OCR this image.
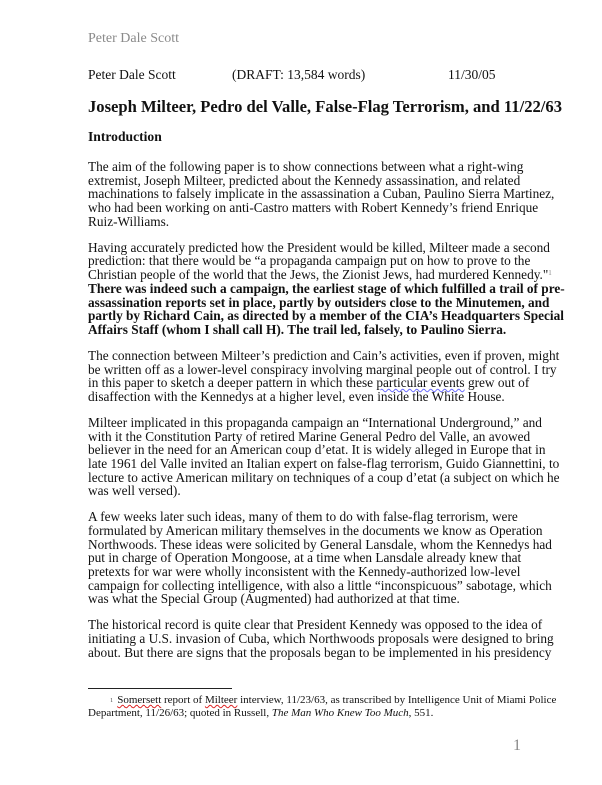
Peter Dale Scott
Peter Dale Scott	(DRAFT: 13,584 words)	11/30/05
Joseph Milteer, Pedro del Valle, False-Flag Terrorism, and 11/22/63
Introduction

The aim of the following paper is to show connections between what a right-wing
extremist, Joseph Milteer, predicted about the Kennedy assassination, and related
machinations to falsely implicate in the assassination a Cuban, Paulino Sierra Martinez,
who had been working on anti-Castro matters with Robert Kennedy’s friend Enrique
Ruiz-Williams.

Having accurately predicted how the President would be killed, Milteer made a second
prediction: that there would be “a propaganda campaign put on how to prove to the
Christian people of the world that the Jews, the Zionist Jews, had murdered Kennedy."$^1$
There was indeed such a campaign, the earliest stage of which fulfilled a trail of pre-
assassination reports set in place, partly by outsiders close to the Minutemen, and
partly by Richard Cain, as directed by a member of the CIA’s Headquarters Special
Affairs Staff (whom I shall call H). The trail led, falsely, to Paulino Sierra.

The connection between Milteer’s prediction and Cain’s activities, even if proven, might
be written off as a lower-level conspiracy involving marginal people out of control. I try
in this paper to sketch a deeper pattern in which these particular events grew out of
disaffection with the Kennedys at a higher level, even inside the White House.

Milteer implicated in this propaganda campaign an “International Underground,” and
with it the Constitution Party of retired Marine General Pedro del Valle, an avowed
believer in the need for an American coup d’etat. It is widely alleged in Europe that in
late 1961 del Valle invited an Italian expert on false-flag terrorism, Guido Giannettini, to
lecture to active American military on techniques of a coup d’etat (a subject on which he
was well versed).

A few weeks later such ideas, many of them to do with false-flag terrorism, were
formulated by American military themselves in the documents we know as Operation
Northwoods. These ideas were solicited by General Lansdale, whom the Kennedys had
put in charge of Operation Mongoose, at a time when Lansdale already knew that
pretexts for war were wholly inconsistent with the Kennedy-authorized low-level
campaign for collecting intelligence, with also a little “inconspicuous” sabotage, which
was what the Special Group (Augmented) had authorized at that time.

The historical record is quite clear that President Kennedy was opposed to the idea of
initiating a U.S. invasion of Cuba, which Northwoods proposals were designed to bring
about. But there are signs that the proposals began to be implemented in his presidency

$^1$ Somersett report of Milteer interview, 11/23/63, as transcribed by Intelligence Unit of Miami Police
Department, 11/26/63; quoted in Russell, The Man Who Knew Too Much, 551.
1
